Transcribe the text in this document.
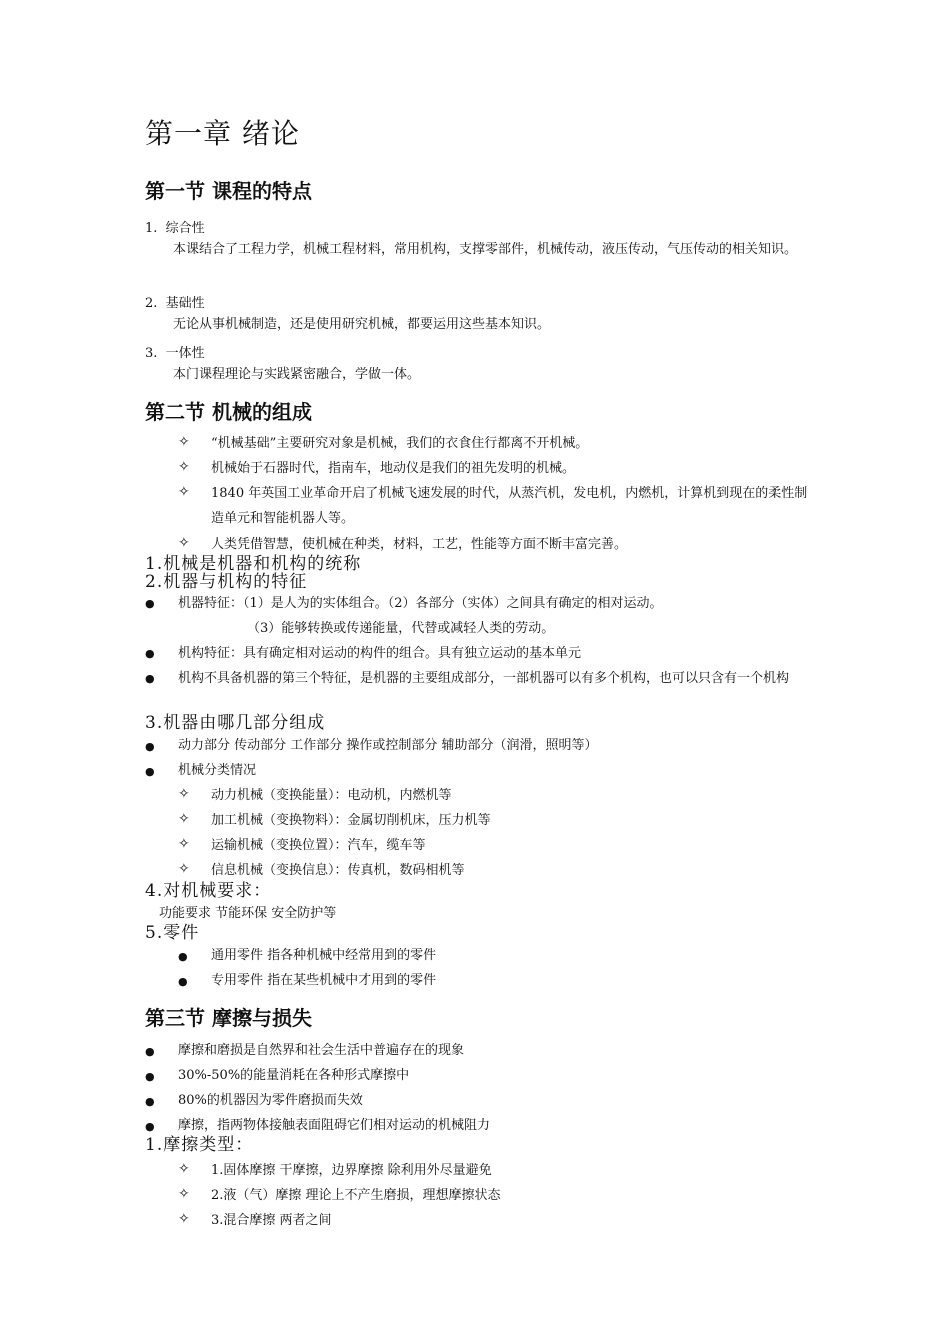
第一章 绪论
第一节 课程的特点
1. 综合性
本课结合了工程力学，机械工程材料，常用机构，支撑零部件，机械传动，液压传动，气压传动的相关知识。
2. 基础性
无论从事机械制造，还是使用研究机械，都要运用这些基本知识。
3. 一体性
本门课程理论与实践紧密融合，学做一体。
第二节 机械的组成
✧ “机械基础”主要研究对象是机械，我们的衣食住行都离不开机械。
✧ 机械始于石器时代，指南车，地动仪是我们的祖先发明的机械。
✧ 1840 年英国工业革命开启了机械飞速发展的时代，从蒸汽机，发电机，内燃机，计算机到现在的柔性制造单元和智能机器人等。
✧ 人类凭借智慧，使机械在种类，材料，工艺，性能等方面不断丰富完善。
1.机械是机器和机构的统称
2.机器与机构的特征
● 机器特征：（1）是人为的实体组合。（2）各部分（实体）之间具有确定的相对运动。
（3）能够转换或传递能量，代替或减轻人类的劳动。
● 机构特征：具有确定相对运动的构件的组合。具有独立运动的基本单元
● 机构不具备机器的第三个特征，是机器的主要组成部分，一部机器可以有多个机构，也可以只含有一个机构
3.机器由哪几部分组成
● 动力部分 传动部分 工作部分 操作或控制部分 辅助部分（润滑，照明等）
● 机械分类情况
✧ 动力机械（变换能量）：电动机，内燃机等
✧ 加工机械（变换物料）：金属切削机床，压力机等
✧ 运输机械（变换位置）：汽车，缆车等
✧ 信息机械（变换信息）：传真机，数码相机等
4.对机械要求：
功能要求 节能环保 安全防护等
5.零件
● 通用零件 指各种机械中经常用到的零件
● 专用零件 指在某些机械中才用到的零件
第三节 摩擦与损失
● 摩擦和磨损是自然界和社会生活中普遍存在的现象
● 30%-50%的能量消耗在各种形式摩擦中
● 80%的机器因为零件磨损而失效
● 摩擦，指两物体接触表面阻碍它们相对运动的机械阻力
1.摩擦类型：
✧ 1.固体摩擦 干摩擦，边界摩擦 除利用外尽量避免
✧ 2.液（气）摩擦 理论上不产生磨损，理想摩擦状态
✧ 3.混合摩擦 两者之间
